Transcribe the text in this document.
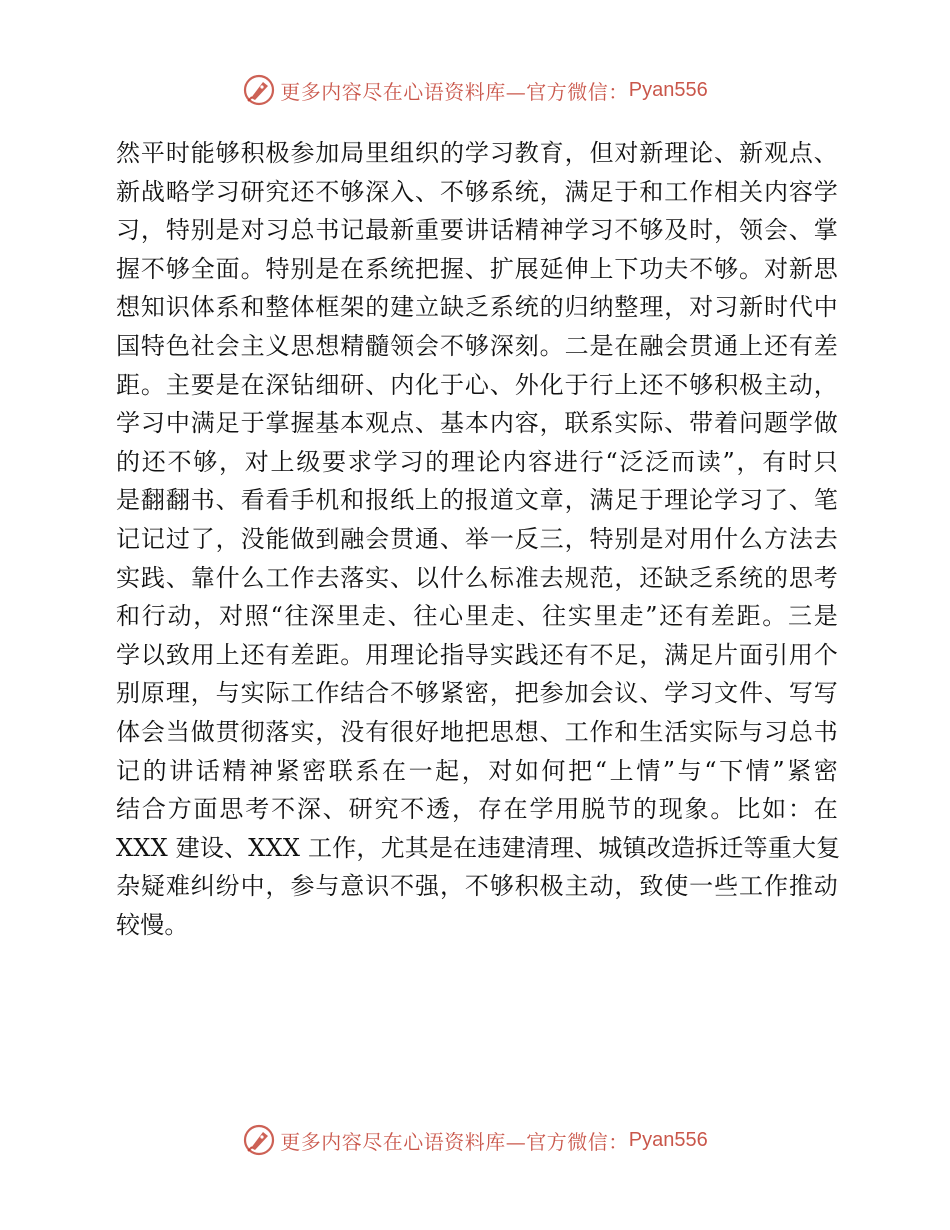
更多内容尽在心语资料库—官方微信： Pyan556
然平时能够积极参加局里组织的学习教育，但对新理论、新观点、
新战略学习研究还不够深入、不够系统，满足于和工作相关内容学
习，特别是对习总书记最新重要讲话精神学习不够及时，领会、掌
握不够全面。特别是在系统把握、扩展延伸上下功夫不够。对新思
想知识体系和整体框架的建立缺乏系统的归纳整理，对习新时代中
国特色社会主义思想精髓领会不够深刻。二是在融会贯通上还有差
距。主要是在深钻细研、内化于心、外化于行上还不够积极主动，
学习中满足于掌握基本观点、基本内容，联系实际、带着问题学做
的还不够，对上级要求学习的理论内容进行“泛泛而读”，有时只
是翻翻书、看看手机和报纸上的报道文章，满足于理论学习了、笔
记记过了，没能做到融会贯通、举一反三，特别是对用什么方法去
实践、靠什么工作去落实、以什么标准去规范，还缺乏系统的思考
和行动，对照“往深里走、往心里走、往实里走”还有差距。三是
学以致用上还有差距。用理论指导实践还有不足，满足片面引用个
别原理，与实际工作结合不够紧密，把参加会议、学习文件、写写
体会当做贯彻落实，没有很好地把思想、工作和生活实际与习总书
记的讲话精神紧密联系在一起，对如何把“上情”与“下情”紧密
结合方面思考不深、研究不透，存在学用脱节的现象。比如：在
XXX 建设、XXX 工作，尤其是在违建清理、城镇改造拆迁等重大复
杂疑难纠纷中，参与意识不强，不够积极主动，致使一些工作推动
较慢。
更多内容尽在心语资料库—官方微信： Pyan556
